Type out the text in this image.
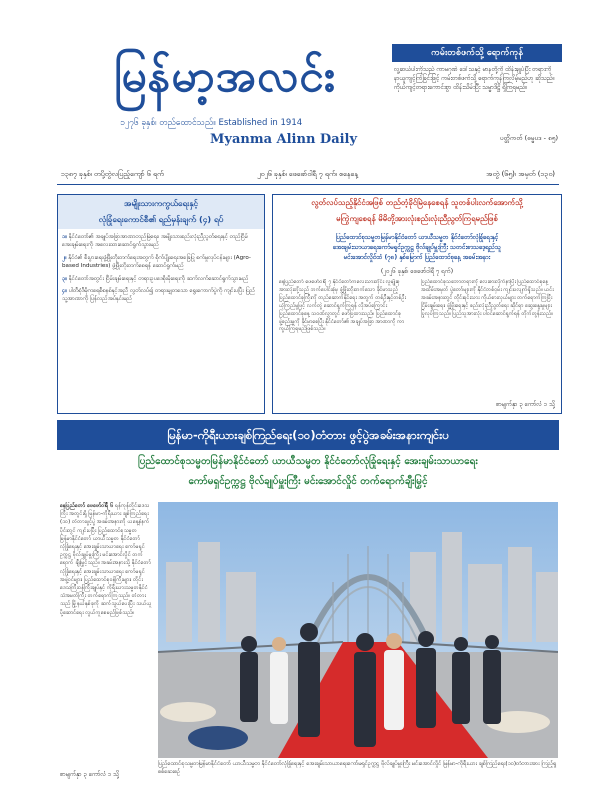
မြန်မာ့အလင်း
၁၂၇၆ ခုနှစ်၊ တည်ထောင်သည်။ Established in 1914
Myanma Alinn Daily
ကမ်းတစ်ဖက်သို့ ရောက်ကုန်
လူ့ဆယ်ပါးကိုသည် ကာမဂုဏ် ဒေါ်သနှင့် မာနတို့ကို ထိန်းချုပ်ပြီး တရားကို နာယူကျင့်ကြံခြင်းဖြင့် ကမ်းတစ်ဖက်သို့ ရောက်ကုန်ကြလိမ့်မည်ဟု ဆိုသည်။ ကိုယ်ကျင့်တရားကောင်းစွာ ထိန်းသိမ်းပြီး သမ္မာဒိဋ္ဌိ ရှိကြရမည်။
ပတ္တိကတ် (ဓမ္မပဒ - ၈၅)
၁၃၈၇ ခုနှစ်၊ တပို့တွဲလပြည့်ကျော် ၆ ရက်	၂၀၂၆ ခုနှစ်၊ ဖေဖော်ဝါရီ ၇ ရက်၊ စနေနေ့	အတွဲ (၆၅)၊ အမှတ် (၁၃၀)
အမျိုးသားကကွယ်ရေးနှင့်
လုံခြုံရေးကောင်စီ၏ ရည်မှန်းချက် (၄) ရပ်
၁။ နိုင်ငံတော်၏ အချုပ်အခြာအာဏာတည်မြဲရေး၊ အမျိုးသားစည်းလုံးညီညွတ်ရေးနှင့် တည်ငြိမ်အေးချမ်းရေးကို အလေးထားဆောင်ရွက်သွားမည်
၂။ နိုင်ငံ၏ စီးပွားရေးဖွံ့ဖြိုးတိုးတက်ရေးအတွက် စိုက်ပျိုးရေးအခြေပြု စက်မှုလုပ်ငန်းများ (Agro-based Industries) ဖွံ့ဖြိုးတိုးတက်စေရန် ဆောင်ရွက်မည်
၃။ နိုင်ငံတော်အတွင်း ငြိမ်းချမ်းရေးနှင့် တရားဥပဒေစိုးမိုးရေးကို ဆက်လက်ဆောင်ရွက်သွားမည်
၄။ ပါတီစုံဒီမိုကရေစီစနစ်နှင့်အညီ လွတ်လပ်၍ တရားမျှတသော ရွေးကောက်ပွဲကို ကျင်းပပြီး ပြည်သူ့အာဏာကို ပြန်လည်အပ်နှင်းမည်
လွတ်လပ်သည့်နိုင်ငံအဖြစ် တည်တံ့ခိုင်မြဲနေစေရန် သူတစ်ပါးလက်အောက်သို့
မကြွဲကျစေရန် မိမိတို့အားလုံးစည်းလုံးညီညွတ်ကြရမည်ဖြစ်
ပြည်ထောင်စုသမ္မတမြန်မာနိုင်ငံတော် ယာယီသမ္မတ နိုင်ငံတော်လုံခြုံရေးနှင့်
အေးချမ်းသာယာရေးကော်မရှင်ဥက္ကဋ္ဌ ဗိုလ်ချုပ်မှူးကြီး သတင်းစာသဒေ့ရည်သူ
မင်းအောင်လှိုင်ထံ (၇၈) နှစ်မြောက် ပြည်ထောင်စုနေ့ အခမ်းအနား
(၂၀၂၆ ခုနှစ်၊ ဖေဖော်ဝါရီ ၇ ရက်)
နေပြည်တော် ဖေဖော်ဝါရီ ၇ နိုင်ငံတော်ကလေးသားတိုင်း လူမျိုးစုအားလုံးတို့သည် ဘက်ပေါင်းစုံမှ ဖွံ့ဖြိုးတိုးတက်သော ခိုင်မာသည့် ပြည်ထောင်စုကြီးကို တည်ဆောက်နိုင်ရေး အတွက် တစ်ဦးနှင့်တစ်ဦး ယုံကြည်မှုဖြင့် လက်တွဲ ဆောင်ရွက်ကြရန် လိုအပ်ကြောင်း ပြည်ထောင်စုနေ့ သဝဏ်လွှာတွင် ဖော်ပြထားသည်။ ပြည်ထောင်စုဖွဲ့စည်းမှုကို ခိုင်မာစေပြီး နိုင်ငံတော်၏ အချုပ်အခြာ အာဏာကို ကာကွယ်ကြရမည်ဖြစ်သည်။
ပြည်ထောင်စုသဘောတရားကို လေးစားလိုက်နာပြီး ပြည်ထောင်စုနေ့အထိမ်းအမှတ် ပွဲတော်များကို နိုင်ငံတစ်ဝှမ်း ကျင်းပလျက်ရှိသည်။ ယင်းအခမ်းအနားတွင် တိုင်းရင်းသား ကိုယ်စားလှယ်များ တက်ရောက်ကြပြီး ငြိမ်းချမ်းရေး၊ ဖွံ့ဖြိုးရေးနှင့် စည်းလုံးညီညွတ်ရေး ဆိုင်ရာ ဆွေးနွေးမှုများ ပြုလုပ်ကြသည်။ ပြည်သူအားလုံး ပါဝင်ဆောင်ရွက်ရန် တိုက်တွန်းသည်။
စာမျက်နှာ ၃ ကော်လံ ၁ သို့
မြန်မာ-ကိုရီးယားချစ်ကြည်ရေး(၁၀)တံတား ဖွင့်ပွဲအခမ်းအနားကျင်းပ
ပြည်ထောင်စုသမ္မတမြန်မာနိုင်ငံတော် ယာယီသမ္မတ နိုင်ငံတော်လုံခြုံရေးနှင့် အေးချမ်းသာယာရေး
ကော်မရှင်ဥက္ကဋ္ဌ ဗိုလ်ချုပ်မှူးကြီး မင်းအောင်လှိုင် တက်ရောက်ချီးမြှင့်
နေပြည်တော် ဖေဖော်ဝါရီ ၆ ရန်ကုန်တိုင်းဒေသကြီး အတွင်းရှိ မြန်မာ-ကိုရီးယား ချစ်ကြည်ရေး (၁၀) တံတားဖွင့်ပွဲ အခမ်းအနားကို ယနေ့နံနက်ပိုင်းတွင် ကျင်းပပြီး ပြည်ထောင်စုသမ္မတမြန်မာနိုင်ငံတော် ယာယီသမ္မတ နိုင်ငံတော်လုံခြုံရေးနှင့် အေးချမ်းသာယာရေး ကော်မရှင်ဥက္ကဋ္ဌ ဗိုလ်ချုပ်မှူးကြီး မင်းအောင်လှိုင် တက်ရောက် ချီးမြှင့်သည်။ အခမ်းအနားသို့ နိုင်ငံတော်လုံခြုံရေးနှင့် အေးချမ်းသာယာရေး ကော်မရှင်အဖွဲ့ဝင်များ၊ ပြည်ထောင်စုဝန်ကြီးများ၊ တိုင်းဒေသကြီးဝန်ကြီးချုပ်နှင့် ကိုရီးယားသမ္မတနိုင်ငံ သံအမတ်ကြီး တက်ရောက်ကြသည်။ တံတားသည် မြို့နယ်နှစ်ခုကို ဆက်သွယ်ပေးပြီး သယ်ယူပို့ဆောင်ရေး လွယ်ကူစေမည်ဖြစ်သည်။
စာမျက်နှာ ၃ ကော်လံ ၁ သို့
ပြည်ထောင်စုသမ္မတမြန်မာနိုင်ငံတော် ယာယီသမ္မတ နိုင်ငံတော်လုံခြုံရေးနှင့် အေးချမ်းသာယာရေးကော်မရှင်ဥက္ကဋ္ဌ ဗိုလ်ချုပ်မှူးကြီး မင်းအောင်လှိုင် မြန်မာ-ကိုရီးယား ချစ်ကြည်ရေး(၁၀)တံတားအား ကြည့်ရှုစစ်ဆေးစဉ်
